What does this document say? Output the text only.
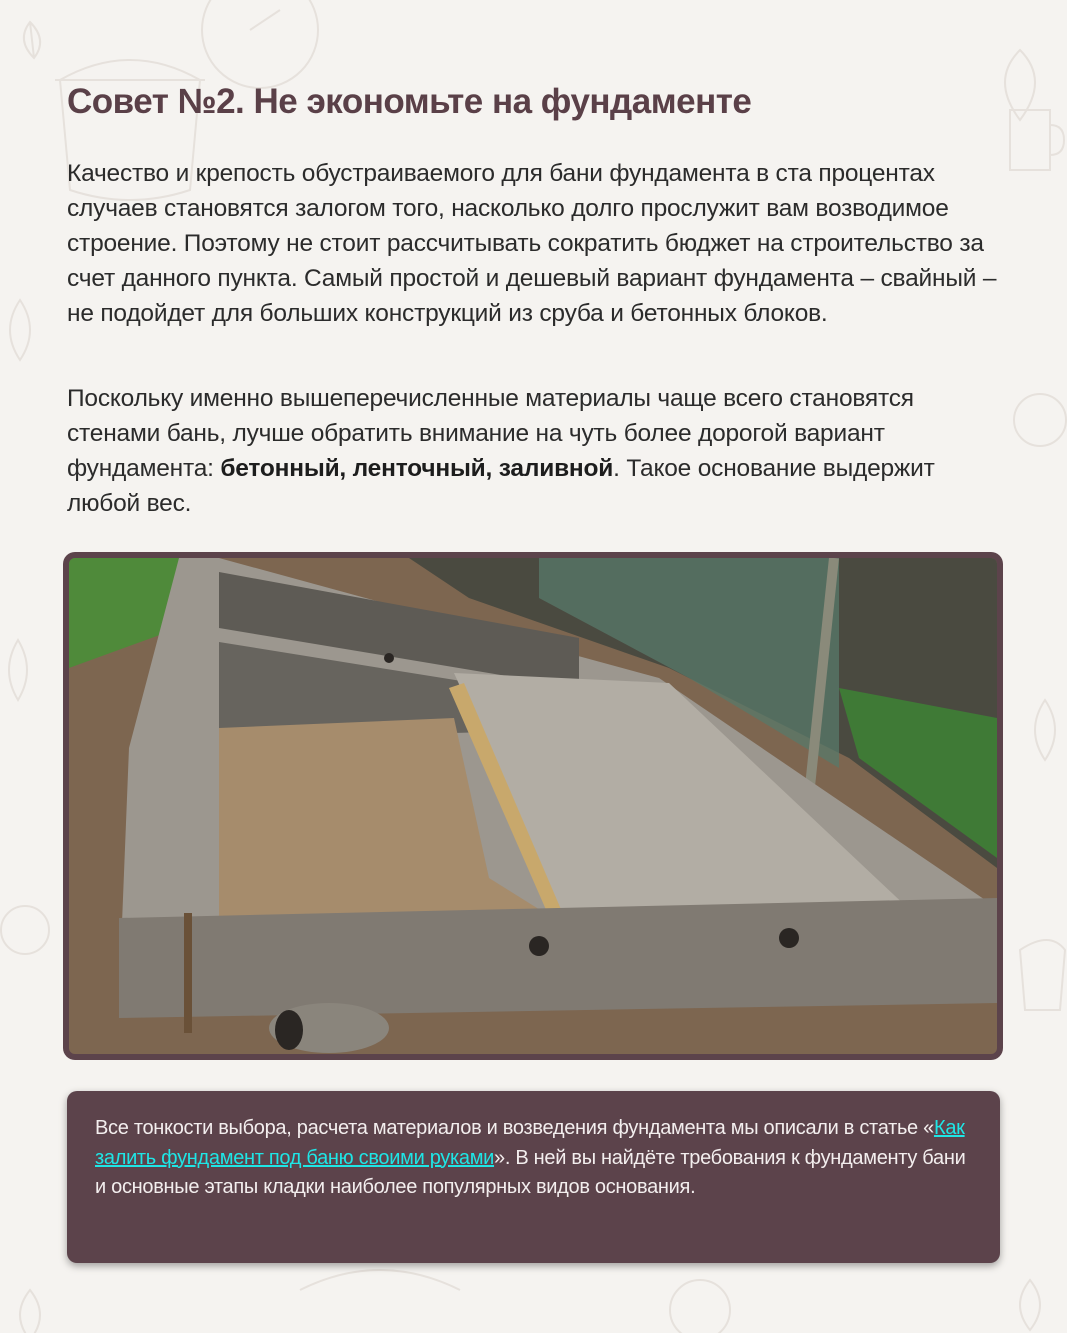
Совет №2. Не экономьте на фундаменте

Качество и крепость обустраиваемого для бани фундамента в ста процентах случаев становятся залогом того, насколько долго прослужит вам возводимое строение. Поэтому не стоит рассчитывать сократить бюджет на строительство за счет данного пункта. Самый простой и дешевый вариант фундамента – свайный – не подойдет для больших конструкций из сруба и бетонных блоков.

Поскольку именно вышеперечисленные материалы чаще всего становятся стенами бань, лучше обратить внимание на чуть более дорогой вариант фундамента: бетонный, ленточный, заливной. Такое основание выдержит любой вес.

Все тонкости выбора, расчета материалов и возведения фундамента мы описали в статье «Как залить фундамент под баню своими руками». В ней вы найдёте требования к фундаменту бани и основные этапы кладки наиболее популярных видов основания.
